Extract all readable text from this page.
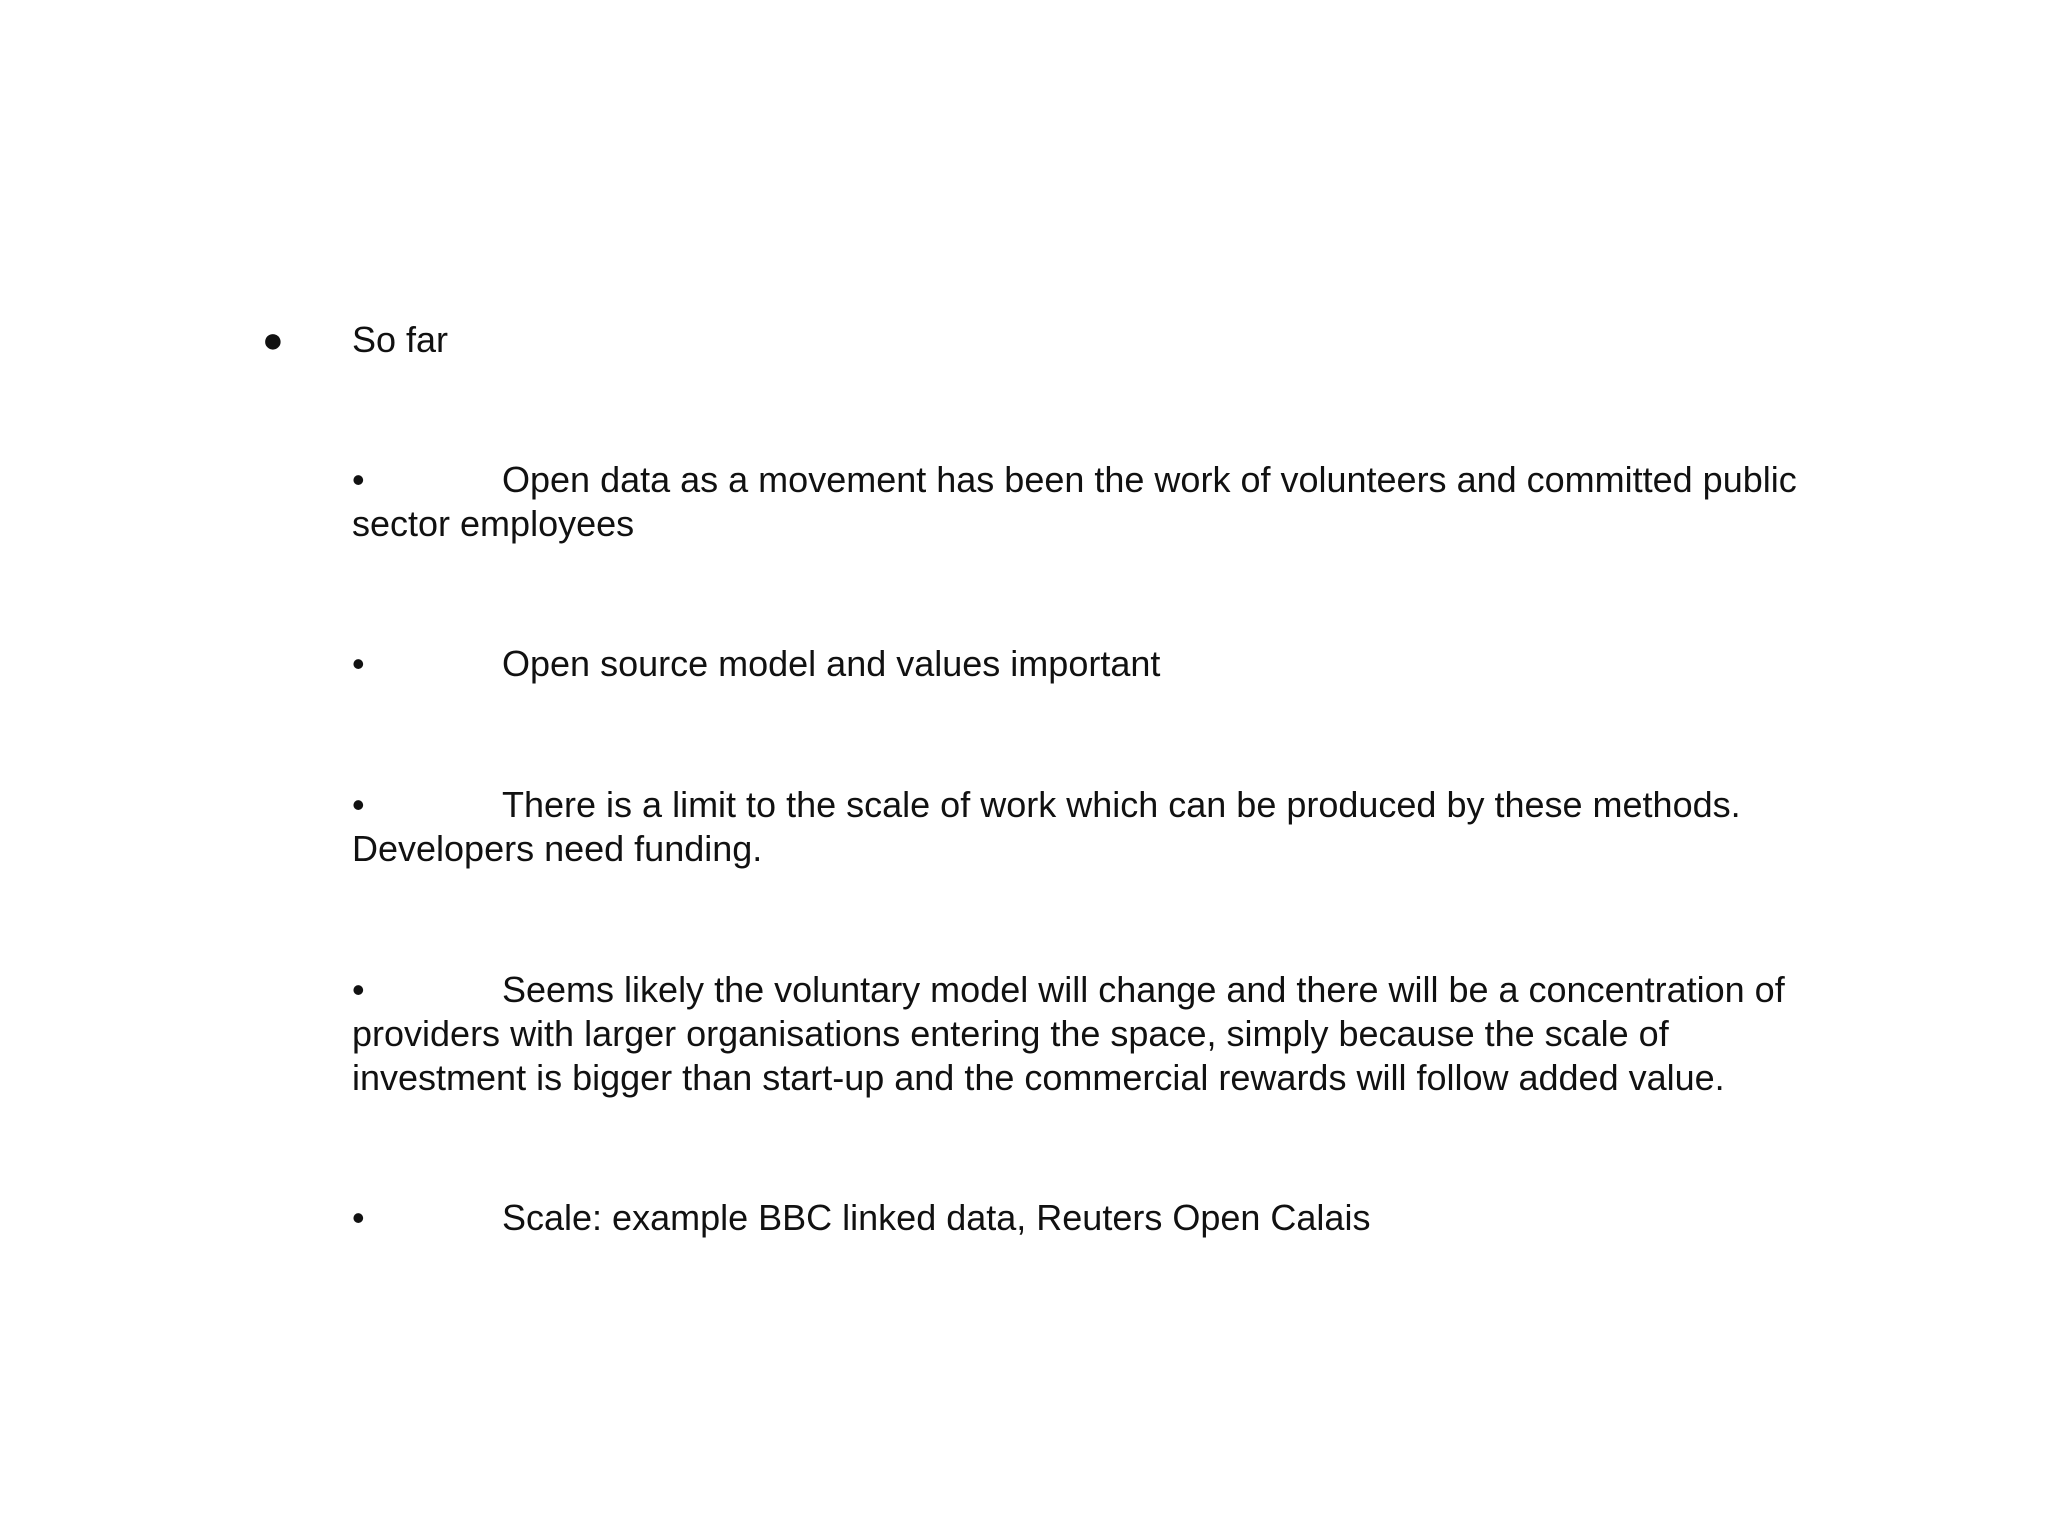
●	So far
•	Open data as a movement has been the work of volunteers and committed public sector employees
•	Open source model and values important
•	There is a limit to the scale of work which can be produced by these methods. Developers need funding.
•	Seems likely the voluntary model will change and there will be a concentration of providers with larger organisations entering the space, simply because the scale of investment is bigger than start-up and the commercial rewards will follow added value.
•	Scale: example BBC linked data, Reuters Open Calais
